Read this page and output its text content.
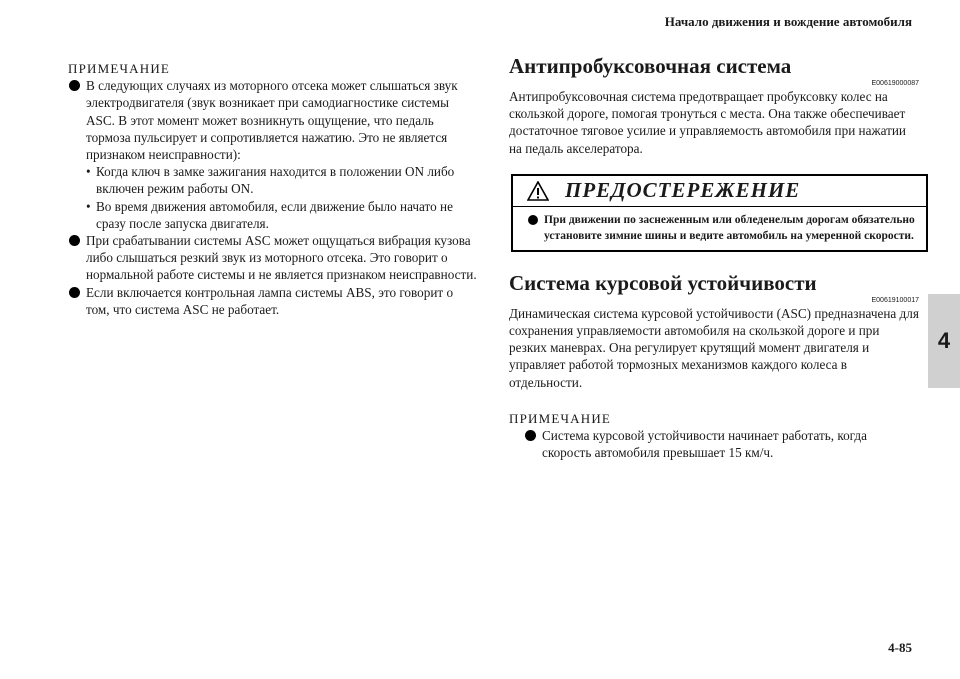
Начало движения и вождение автомобиля
4
ПРИМЕЧАНИЕ
В следующих случаях из моторного отсека может слышаться звук электродвигателя (звук возникает при самодиагностике системы ASC. В этот момент может возникнуть ощущение, что педаль тормоза пульсирует и сопротивляется нажатию. Это не является признаком неисправности):
• Когда ключ в замке зажигания находится в положении ON либо включен режим работы ON.
• Во время движения автомобиля, если движение было начато не сразу после запуска двигателя.
При срабатывании системы ASC может ощущаться вибрация кузова либо слышаться резкий звук из моторного отсека. Это говорит о нормальной работе системы и не является признаком неисправности.
Если включается контрольная лампа системы ABS, это говорит о том, что система ASC не работает.
Антипробуксовочная система
E00619000087
Антипробуксовочная система предотвращает пробуксовку колес на скользкой дороге, помогая тронуться с места. Она также обеспечивает достаточное тяговое усилие и управляемость автомобиля при нажатии на педаль акселератора.
ПРЕДОСТЕРЕЖЕНИЕ
При движении по заснеженным или обледенелым дорогам обязательно установите зимние шины и ведите автомобиль на умеренной скорости.
Система курсовой устойчивости
E00619100017
Динамическая система курсовой устойчивости (ASC) предназначена для сохранения управляемости автомобиля на скользкой дороге и при резких маневрах. Она регулирует крутящий момент двигателя и управляет работой тормозных механизмов каждого колеса в отдельности.
ПРИМЕЧАНИЕ
Система курсовой устойчивости начинает работать, когда скорость автомобиля превышает 15 км/ч.
4-85
